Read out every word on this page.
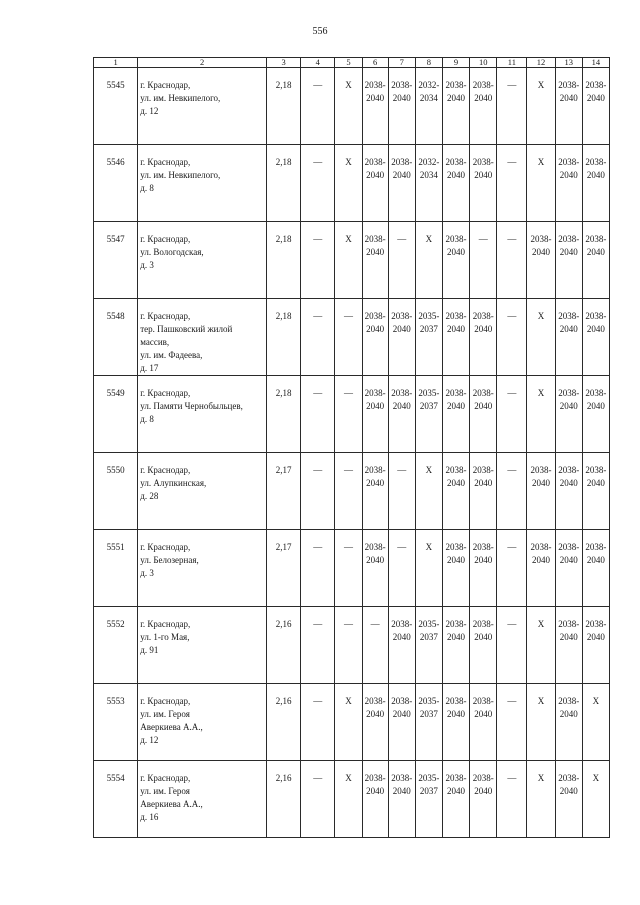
556
1	2	3	4	5	6	7	8	9	10	11	12	13	14
5545	г. Краснодар,
ул. им. Невкипелого,
д. 12	2,18	—	X	2038-
2040	2038-
2040	2032-
2034	2038-
2040	2038-
2040	—	X	2038-
2040	2038-
2040

5546	г. Краснодар,
ул. им. Невкипелого,
д. 8	2,18	—	X	2038-
2040	2038-
2040	2032-
2034	2038-
2040	2038-
2040	—	X	2038-
2040	2038-
2040

5547	г. Краснодар,
ул. Вологодская,
д. 3	2,18	—	X	2038-
2040	—	X	2038-
2040	—	—	2038-
2040	2038-
2040	2038-
2040

5548	г. Краснодар,
тер. Пашковский жилой
массив,
ул. им. Фадеева,
д. 17	2,18	—	—	2038-
2040	2038-
2040	2035-
2037	2038-
2040	2038-
2040	—	X	2038-
2040	2038-
2040

5549	г. Краснодар,
ул. Памяти Чернобыльцев,
д. 8	2,18	—	—	2038-
2040	2038-
2040	2035-
2037	2038-
2040	2038-
2040	—	X	2038-
2040	2038-
2040

5550	г. Краснодар,
ул. Алупкинская,
д. 28	2,17	—	—	2038-
2040	—	X	2038-
2040	2038-
2040	—	2038-
2040	2038-
2040	2038-
2040

5551	г. Краснодар,
ул. Белозерная,
д. 3	2,17	—	—	2038-
2040	—	X	2038-
2040	2038-
2040	—	2038-
2040	2038-
2040	2038-
2040

5552	г. Краснодар,
ул. 1-го Мая,
д. 91	2,16	—	—	—	2038-
2040	2035-
2037	2038-
2040	2038-
2040	—	X	2038-
2040	2038-
2040

5553	г. Краснодар,
ул. им. Героя
Аверкиева А.А.,
д. 12	2,16	—	X	2038-
2040	2038-
2040	2035-
2037	2038-
2040	2038-
2040	—	X	2038-
2040	X

5554	г. Краснодар,
ул. им. Героя
Аверкиева А.А.,
д. 16	2,16	—	X	2038-
2040	2038-
2040	2035-
2037	2038-
2040	2038-
2040	—	X	2038-
2040	X
